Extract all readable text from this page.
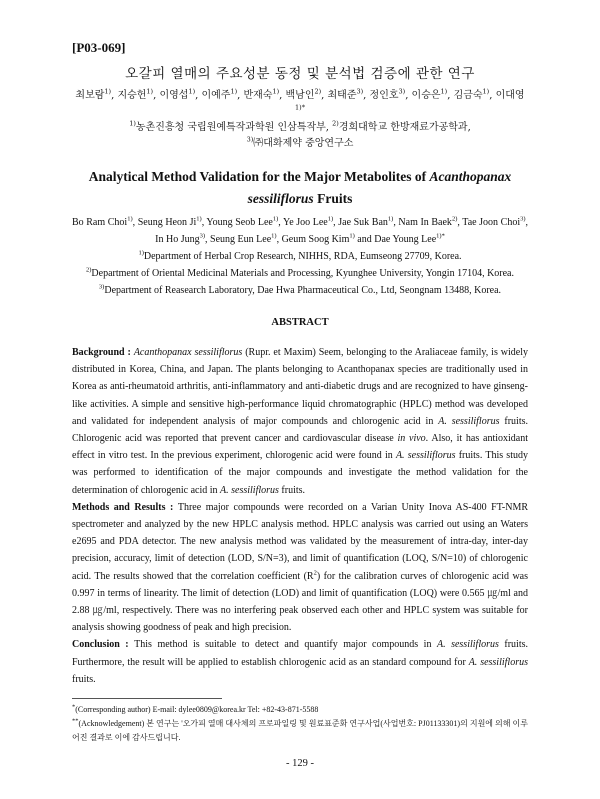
[P03-069]

오갈피 열매의 주요성분 동정 및 분석법 검증에 관한 연구

최보람$^{1)}$, 지승헌$^{1)}$, 이영섭$^{1)}$, 이예주$^{1)}$, 반재숙$^{1)}$, 백남인$^{2)}$, 최태준$^{3)}$, 정인호$^{3)}$, 이승은$^{1)}$, 김금숙$^{1)}$, 이대영$^{1)*}$

$^{1)}$농촌진흥청 국립원예특작과학원 인삼특작부, $^{2)}$경희대학교 한방재료가공학과,

$^{3)}$㈜대화제약 중앙연구소

Analytical Method Validation for the Major Metabolites of Acanthopanax
sessiliflorus Fruits

Bo Ram Choi$^{1)}$, Seung Heon Ji$^{1)}$, Young Seob Lee$^{1)}$, Ye Joo Lee$^{1)}$, Jae Suk Ban$^{1)}$, Nam In Baek$^{2)}$, Tae Joon Choi$^{3)}$, In Ho Jung$^{3)}$, Seung Eun Lee$^{1)}$, Geum Soog Kim$^{1)}$ and Dae Young Lee$^{1)*}$

$^{1)}$Department of Herbal Crop Research, NIHHS, RDA, Eumseong 27709, Korea.

$^{2)}$Department of Oriental Medicinal Materials and Processing, Kyunghee University, Yongin 17104, Korea.

$^{3)}$Department of Reasearch Laboratory, Dae Hwa Pharmaceutical Co., Ltd, Seongnam 13488, Korea.

ABSTRACT

Background : Acanthopanax sessiliflorus (Rupr. et Maxim) Seem, belonging to the Araliaceae family, is widely distributed in Korea, China, and Japan. The plants belonging to Acanthopanax species are traditionally used in Korea as anti-rheumatoid arthritis, anti-inflammatory and anti-diabetic drugs and are recognized to have ginseng-like activities. A simple and sensitive high-performance liquid chromatographic (HPLC) method was developed and validated for independent analysis of major compounds and chlorogenic acid in A. sessiliflorus fruits. Chlorogenic acid was reported that prevent cancer and cardiovascular disease in vivo. Also, it has antioxidant effect in vitro test. In the previous experiment, chlorogenic acid were found in A. sessiliflorus fruits. This study was performed to identification of the major compounds and investigate the method validation for the determination of chlorogenic acid in A. sessiliflorus fruits.

Methods and Results : Three major compounds were recorded on a Varian Unity Inova AS-400 FT-NMR spectrometer and analyzed by the new HPLC analysis method. HPLC analysis was carried out using an Waters e2695 and PDA detector. The new analysis method was validated by the measurement of intra-day, inter-day precision, accuracy, limit of detection (LOD, S/N=3), and limit of quantification (LOQ, S/N=10) of chlorogenic acid. The results showed that the correlation coefficient $(R^2)$ for the calibration curves of chlorogenic acid was 0.997 in terms of linearity. The limit of detection (LOD) and limit of quantification (LOQ) were 0.565 ㎍/ml and 2.88 ㎍/ml, respectively. There was no interfering peak observed each other and HPLC system was suitable for analysis showing goodness of peak and high precision.

Conclusion : This method is suitable to detect and quantify major compounds in A. sessiliflorus fruits. Furthermore, the result will be applied to establish chlorogenic acid as an standard compound for A. sessiliflorus fruits.

*(Corresponding author) E-mail: dylee0809@korea.kr Tel: +82-43-871-5588

**(Acknowledgement) 본 연구는 '오가피 열매 대사체의 프로파일링 및 원료표준화 연구사업(사업번호: PJ01133301)의 지원에 의해 이루어진 결과로 이에 감사드립니다.

- 129 -
